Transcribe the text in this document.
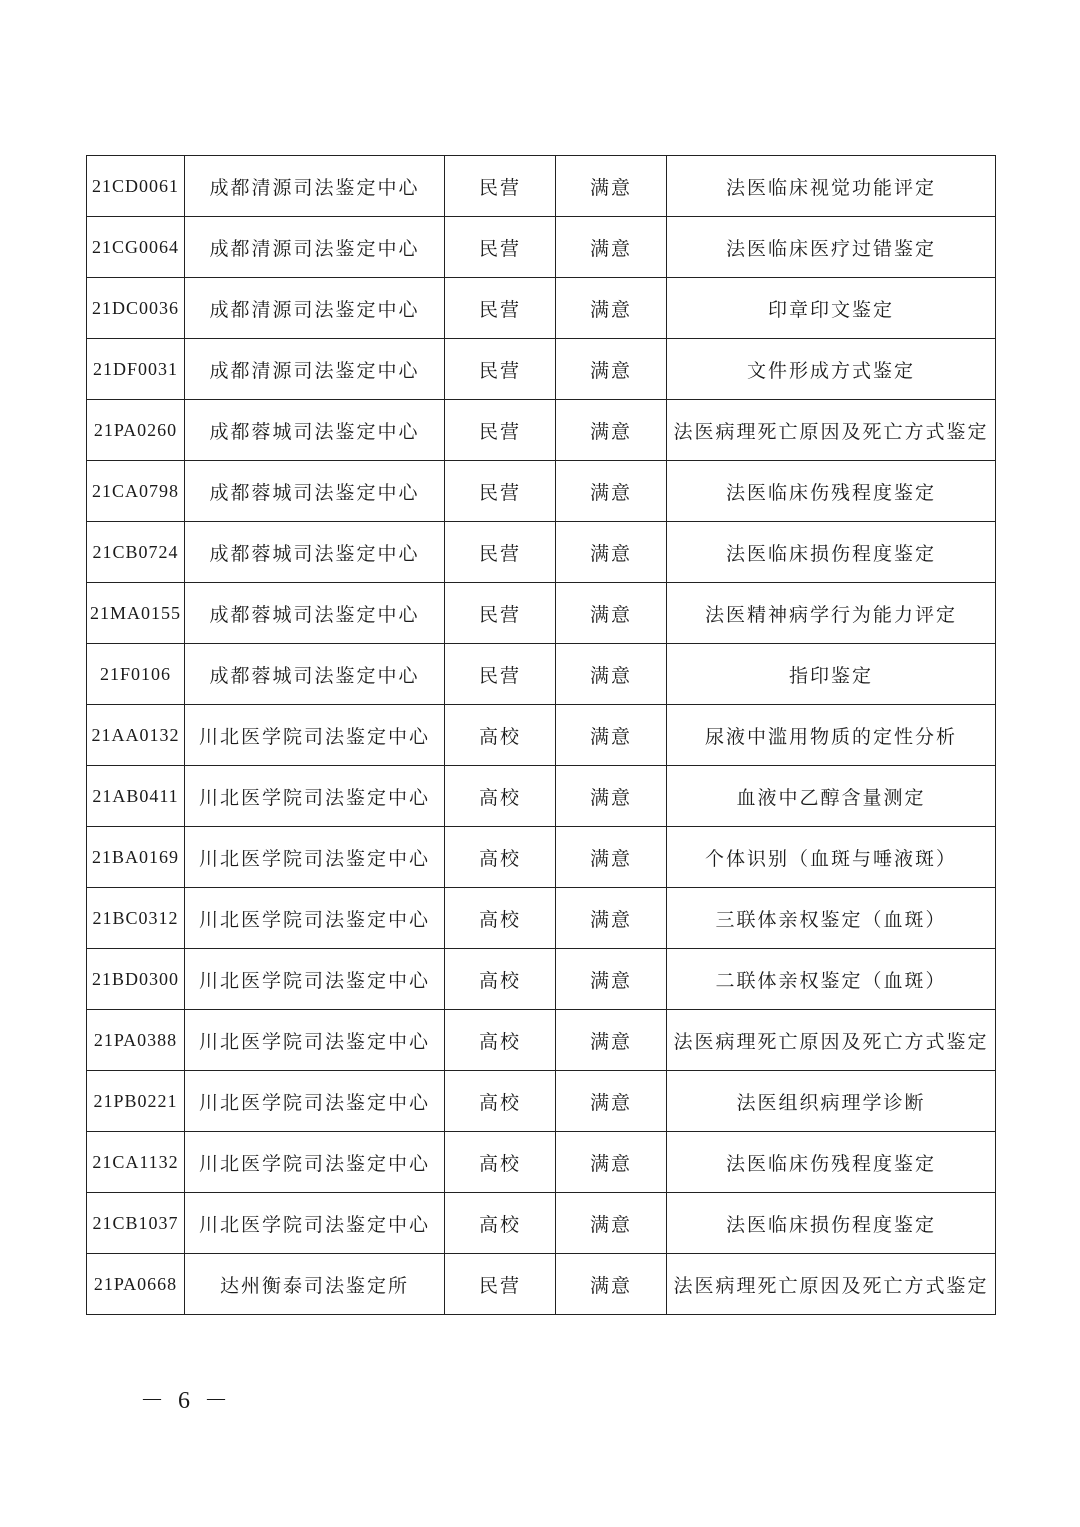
21CD0061	成都清源司法鉴定中心	民营	满意	法医临床视觉功能评定
21CG0064	成都清源司法鉴定中心	民营	满意	法医临床医疗过错鉴定
21DC0036	成都清源司法鉴定中心	民营	满意	印章印文鉴定
21DF0031	成都清源司法鉴定中心	民营	满意	文件形成方式鉴定
21PA0260	成都蓉城司法鉴定中心	民营	满意	法医病理死亡原因及死亡方式鉴定
21CA0798	成都蓉城司法鉴定中心	民营	满意	法医临床伤残程度鉴定
21CB0724	成都蓉城司法鉴定中心	民营	满意	法医临床损伤程度鉴定
21MA0155	成都蓉城司法鉴定中心	民营	满意	法医精神病学行为能力评定
21F0106	成都蓉城司法鉴定中心	民营	满意	指印鉴定
21AA0132	川北医学院司法鉴定中心	高校	满意	尿液中滥用物质的定性分析
21AB0411	川北医学院司法鉴定中心	高校	满意	血液中乙醇含量测定
21BA0169	川北医学院司法鉴定中心	高校	满意	个体识别（血斑与唾液斑）
21BC0312	川北医学院司法鉴定中心	高校	满意	三联体亲权鉴定（血斑）
21BD0300	川北医学院司法鉴定中心	高校	满意	二联体亲权鉴定（血斑）
21PA0388	川北医学院司法鉴定中心	高校	满意	法医病理死亡原因及死亡方式鉴定
21PB0221	川北医学院司法鉴定中心	高校	满意	法医组织病理学诊断
21CA1132	川北医学院司法鉴定中心	高校	满意	法医临床伤残程度鉴定
21CB1037	川北医学院司法鉴定中心	高校	满意	法医临床损伤程度鉴定
21PA0668	达州衡泰司法鉴定所	民营	满意	法医病理死亡原因及死亡方式鉴定
－ 6 －
